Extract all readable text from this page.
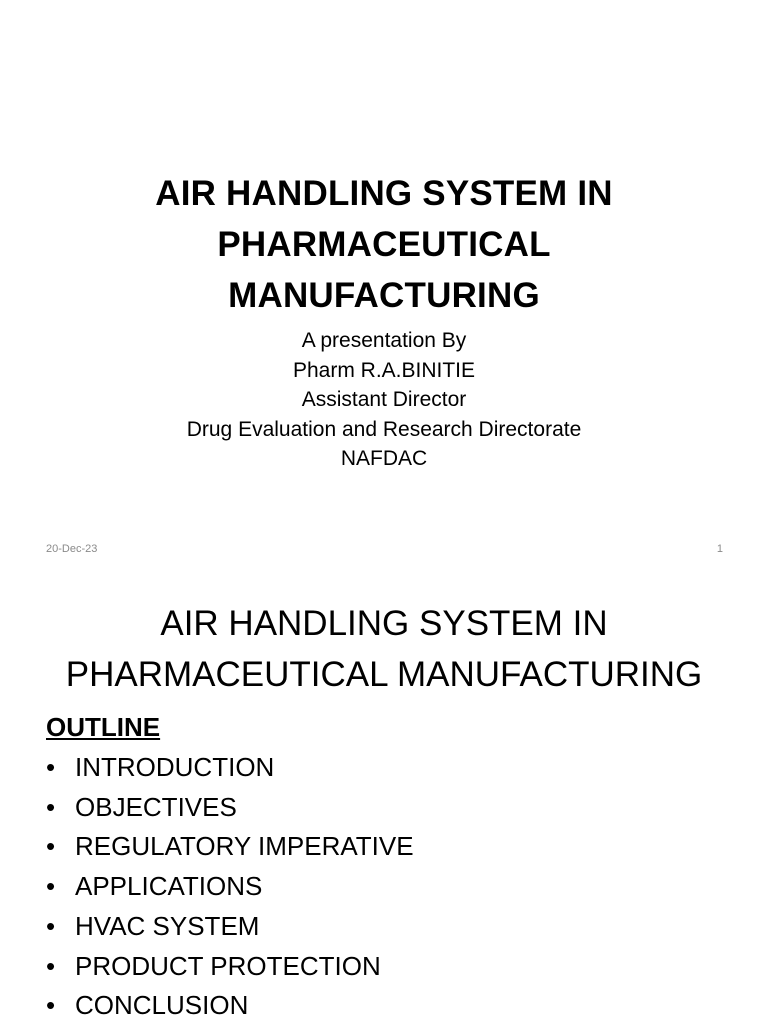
AIR HANDLING SYSTEM IN
PHARMACEUTICAL
MANUFACTURING
A presentation By
Pharm R.A.BINITIE
Assistant Director
Drug Evaluation and Research Directorate
NAFDAC
20-Dec-23	1
AIR HANDLING SYSTEM IN
PHARMACEUTICAL MANUFACTURING
OUTLINE
• INTRODUCTION
• OBJECTIVES
• REGULATORY IMPERATIVE
• APPLICATIONS
• HVAC SYSTEM
• PRODUCT PROTECTION
• CONCLUSION
